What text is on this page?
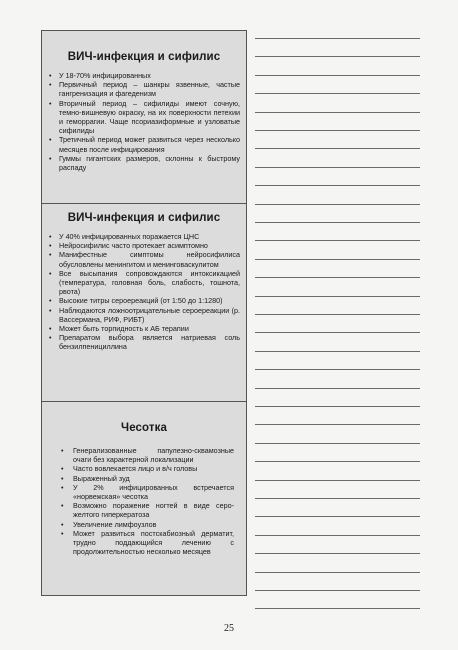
ВИЧ-инфекция и сифилис
• У 18-70% инфицированных
• Первичный период – шанкры язвенные, частые гангренизация и фагеденизм
• Вторичный период – сифилиды имеют сочную, темно-вишневую окраску, на их поверхности петехии и геморрагии. Чаще псориазиформные и узловатые сифилиды
• Третичный период может развиться через несколько месяцев после инфицирования
• Гуммы гигантских размеров, склонны к быстрому распаду
ВИЧ-инфекция и сифилис
• У 40% инфицированных поражается ЦНС
• Нейросифилис часто протекает асимптомно
• Манифестные симптомы нейросифилиса обусловлены менингитом и менинговаскулитом
• Все высыпания сопровождаются интоксикацией (температура, головная боль, слабость, тошнота, рвота)
• Высокие титры сероереакций (от 1:50 до 1:1280)
• Наблюдаются ложноотрицательные сероереакции (р. Вассермана, РИФ, РИБТ)
• Может быть торпидность к АБ терапии
• Препаратом выбора является натриевая соль бензилпенициллина
Чесотка
• Генерализованные папулезно-сквамозные очаги без характерной локализации
• Часто вовлекается лицо и в/ч головы
• Выраженный зуд
• У 2% инфицированных встречается «норвежская» чесотка
• Возможно поражение ногтей в виде серо-желтого гиперкератоза
• Увеличение лимфоузлов
• Может развиться постскабиозный дерматит, трудно поддающийся лечению с продолжительностью несколько месяцев
25
